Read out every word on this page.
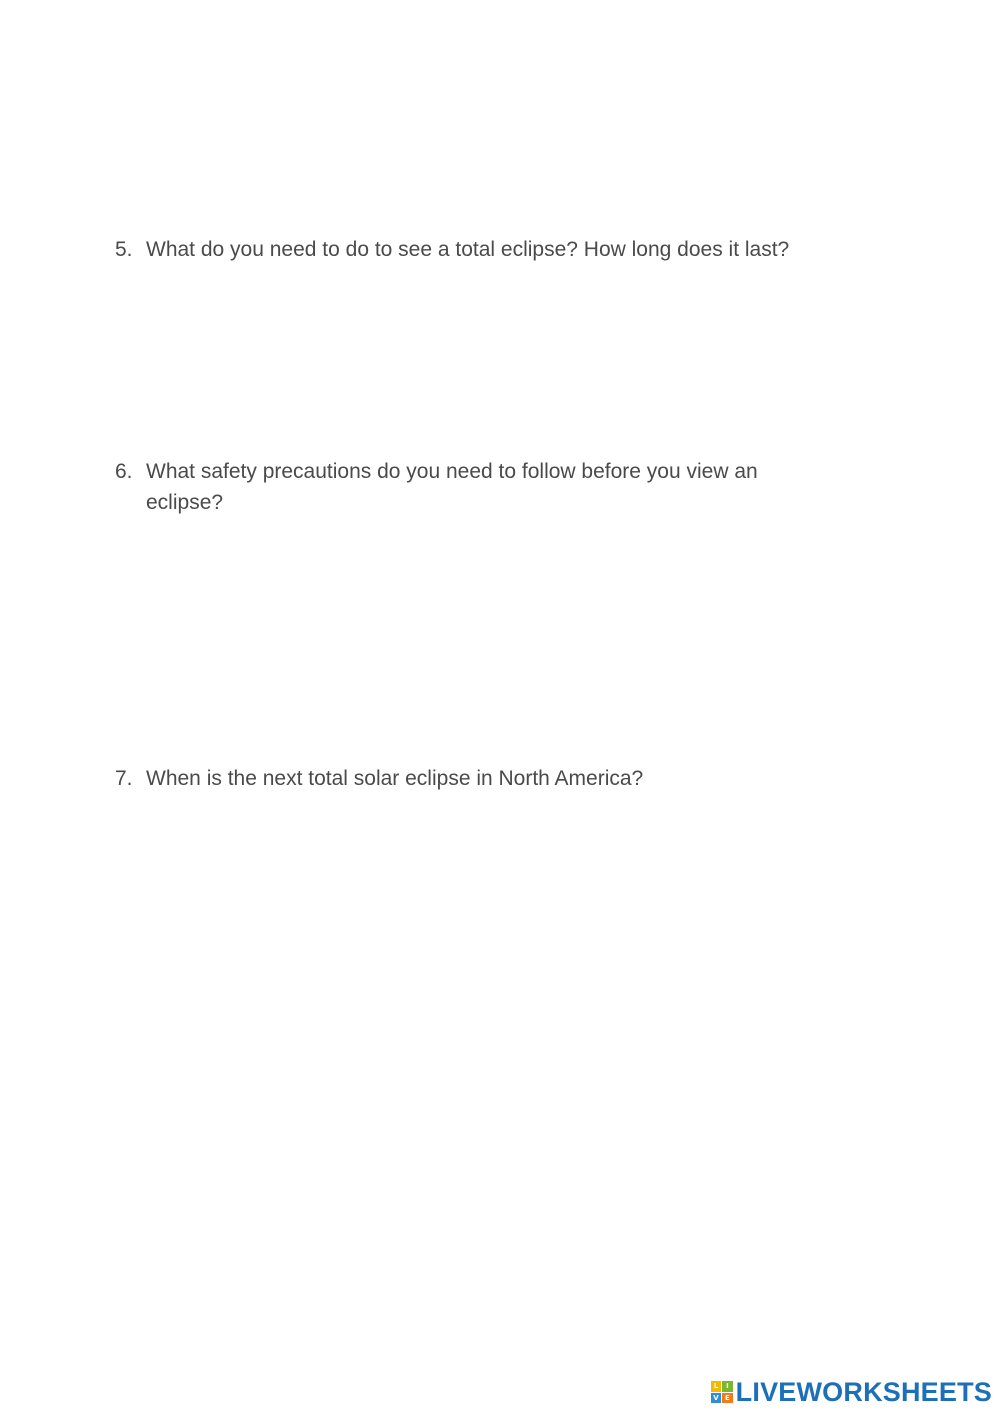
5. What do you need to do to see a total eclipse? How long does it last?
6. What safety precautions do you need to follow before you view an eclipse?
7. When is the next total solar eclipse in North America?
L	I
V E LIVEWORKSHEETS
